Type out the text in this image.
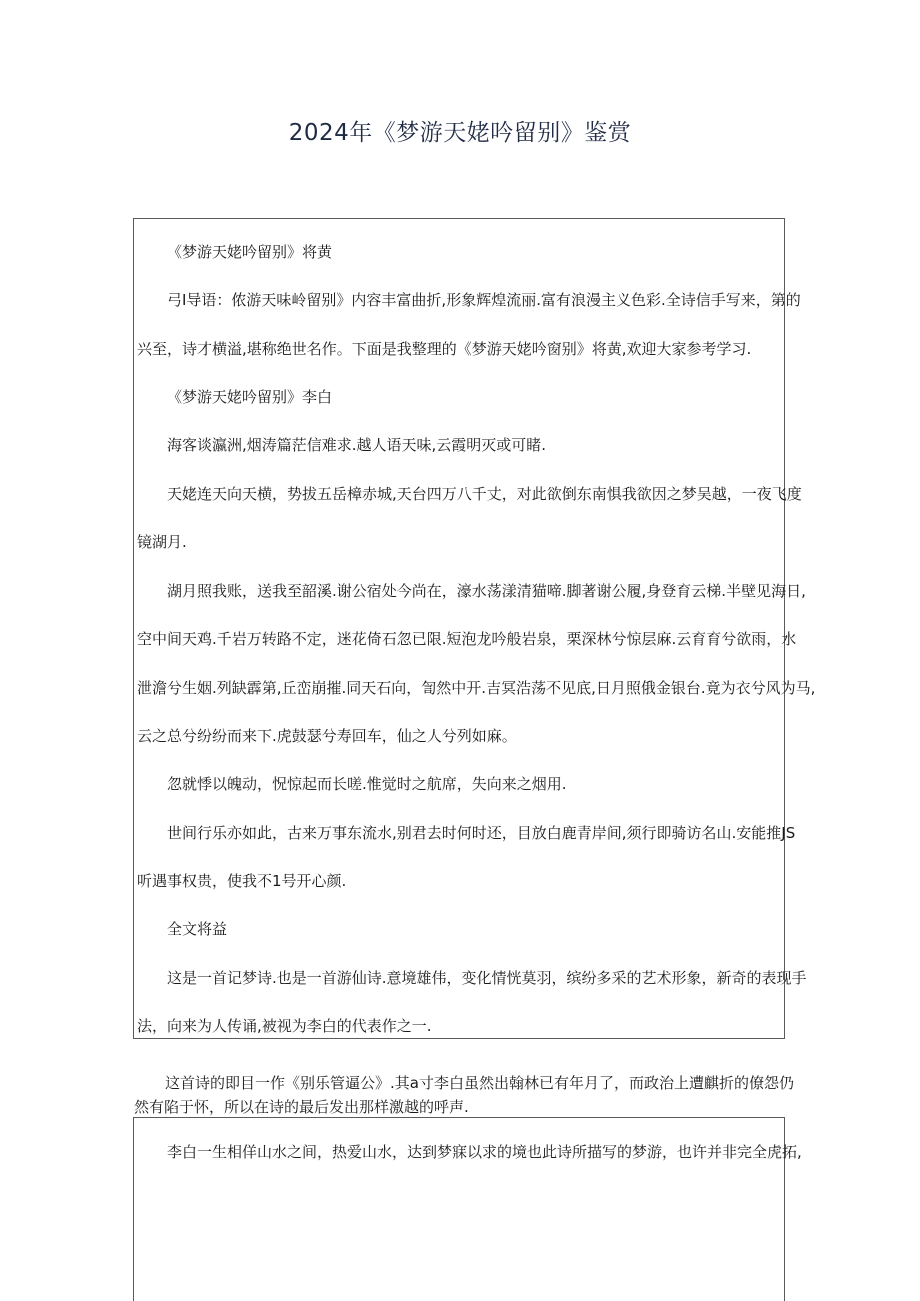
2024年《梦游天姥吟留别》鉴赏
《梦游天姥吟留别》将黄
弓I导语：侬游天味岭留别》内容丰富曲折,形象辉煌流丽.富有浪漫主义色彩.全诗信手写来，第的
兴至，诗才横溢,堪称绝世名作。下面是我整理的《梦游天姥吟窗别》将黄,欢迎大家参考学习.
《梦游天姥吟留别》李白
海客谈瀛洲,烟涛篇茫信难求.越人语天味,云霞明灭或可睹.
天姥连天向天横，势拔五岳樟赤城,天台四万八千丈，对此欲倒东南惧我欲因之梦吴越，一夜飞度
镜湖月.
湖月照我账，送我至韶溪.谢公宿处今尚在，濠水荡漾清猫啼.脚著谢公履,身登育云梯.半壁见海日,
空中间天鸡.千岩万转路不定，迷花倚石忽已限.短泡龙吟般岩泉，栗深林兮惊层麻.云育育兮欲雨，水
泄澹兮生姻.列缺霹第,丘峦崩摧.同天石向，訇然中开.吉冥浩荡不见底,日月照俄金银台.竟为衣兮风为马,
云之总兮纷纷而来下.虎鼓瑟兮寿回车，仙之人兮列如麻。
忽就悸以魄动，怳惊起而长嗟.惟觉时之航席，失向来之烟用.
世间行乐亦如此，古来万事东流水,别君去时何时还，目放白鹿青岸间,须行即骑访名山.安能推JS
听遇事权贵，使我不1号开心颜.
全文将益
这是一首记梦诗.也是一首游仙诗.意境雄伟，变化情恍莫羽，缤纷多采的艺术形象，新奇的表现手
法，向来为人传诵,被视为李白的代表作之一.
这首诗的即目一作《别乐管逼公》.其a寸李白虽然出翰林已有年月了，而政治上遭麒折的僚怨仍
然有陷于怀，所以在诗的最后发出那样激越的呼声.
李白一生相佯山水之间，热爱山水，达到梦寐以求的境也此诗所描写的梦游，也许并非完全虎拓,
